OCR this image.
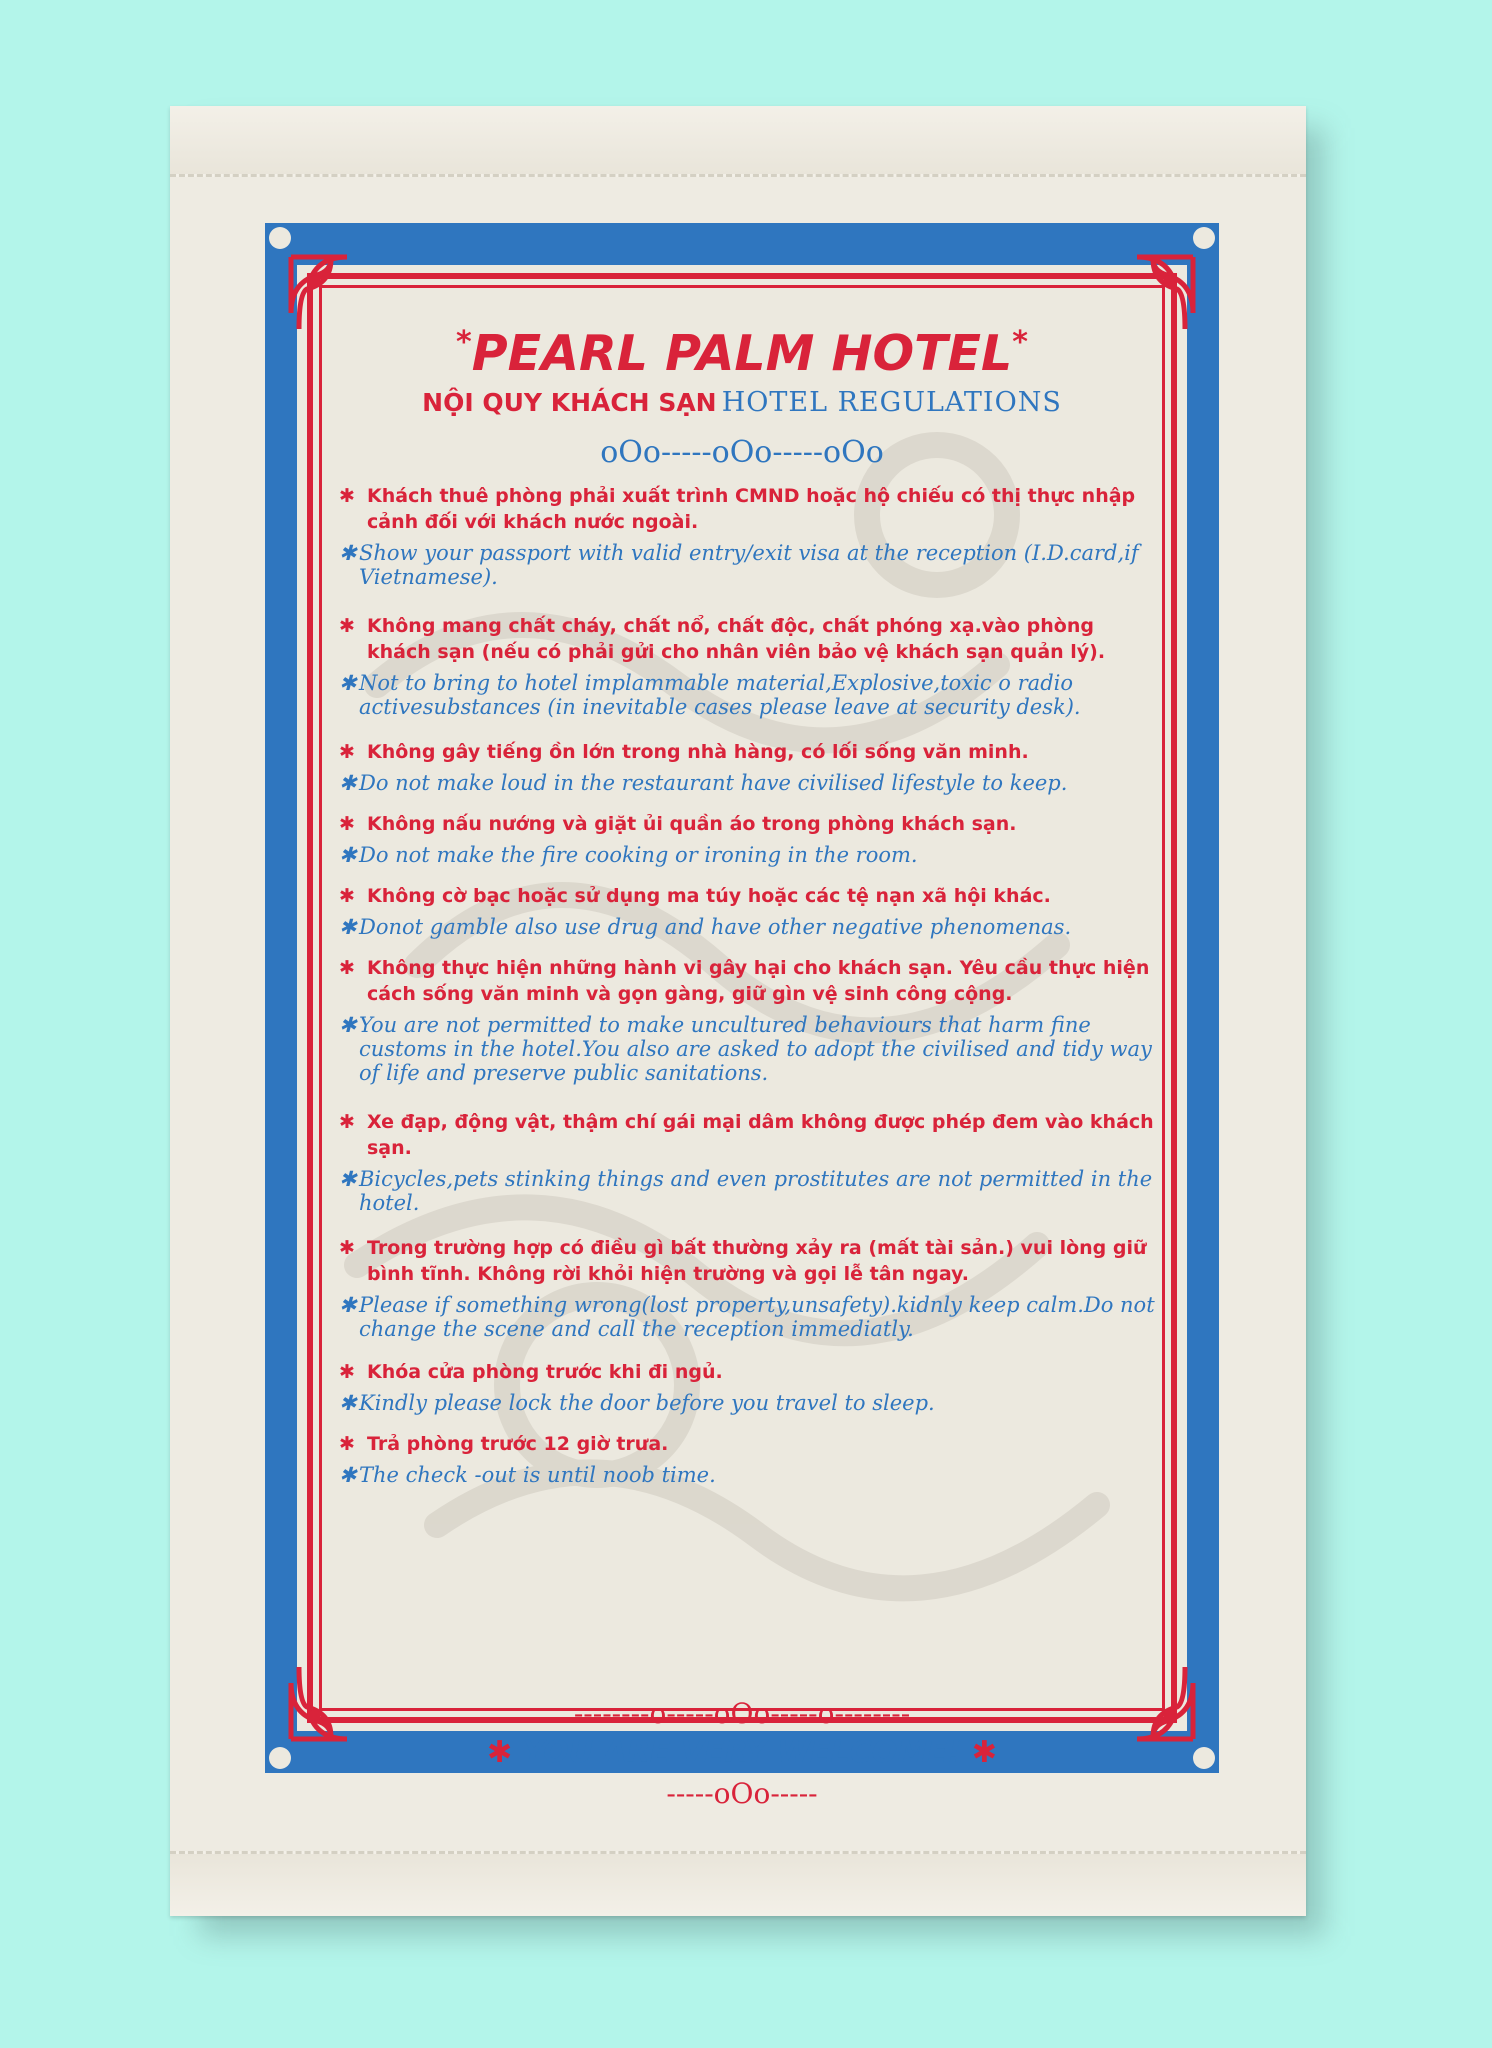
*PEARL PALM HOTEL*
NỘI QUY KHÁCH SẠN HOTEL REGULATIONS
oOo-----oOo-----oOo
✱ Khách thuê phòng phải xuất trình CMND hoặc hộ chiếu có thị thực nhập cảnh đối với khách nước ngoài.
✱ Show your passport with valid entry/exit visa at the reception (I.D.card,if Vietnamese).
✱ Không mang chất cháy, chất nổ, chất độc, chất phóng xạ.vào phòng khách sạn (nếu có phải gửi cho nhân viên bảo vệ khách sạn quản lý).
✱ Not to bring to hotel implammable material,Explosive,toxic o radio activesubstances (in inevitable cases please leave at security desk).
✱ Không gây tiếng ồn lớn trong nhà hàng, có lối sống văn minh.
✱ Do not make loud in the restaurant have civilised lifestyle to keep.
✱ Không nấu nướng và giặt ủi quần áo trong phòng khách sạn.
✱ Do not make the fire cooking or ironing in the room.
✱ Không cờ bạc hoặc sử dụng ma túy hoặc các tệ nạn xã hội khác.
✱ Donot gamble also use drug and have other negative phenomenas.
✱ Không thực hiện những hành vi gây hại cho khách sạn. Yêu cầu thực hiện cách sống văn minh và gọn gàng, giữ gìn vệ sinh công cộng.
✱ You are not permitted to make uncultured behaviours that harm fine customs in the hotel.You also are asked to adopt the civilised and tidy way of life and preserve public sanitations.
✱ Xe đạp, động vật, thậm chí gái mại dâm không được phép đem vào khách sạn.
✱ Bicycles,pets stinking things and even prostitutes are not permitted in the hotel.
✱ Trong trường hợp có điều gì bất thường xảy ra (mất tài sản.) vui lòng giữ bình tĩnh. Không rời khỏi hiện trường và gọi lễ tân ngay.
✱ Please if something wrong(lost property,unsafety).kidnly keep calm.Do not change the scene and call the reception immediatly.
✱ Khóa cửa phòng trước khi đi ngủ.
✱ Kindly please lock the door before you travel to sleep.
✱ Trả phòng trước 12 giờ trưa.
✱ The check -out is until noob time.
--------o-----oOo-----o--------
✱ YOU ARE VERY WELCOME! ✱
-----oOo-----
